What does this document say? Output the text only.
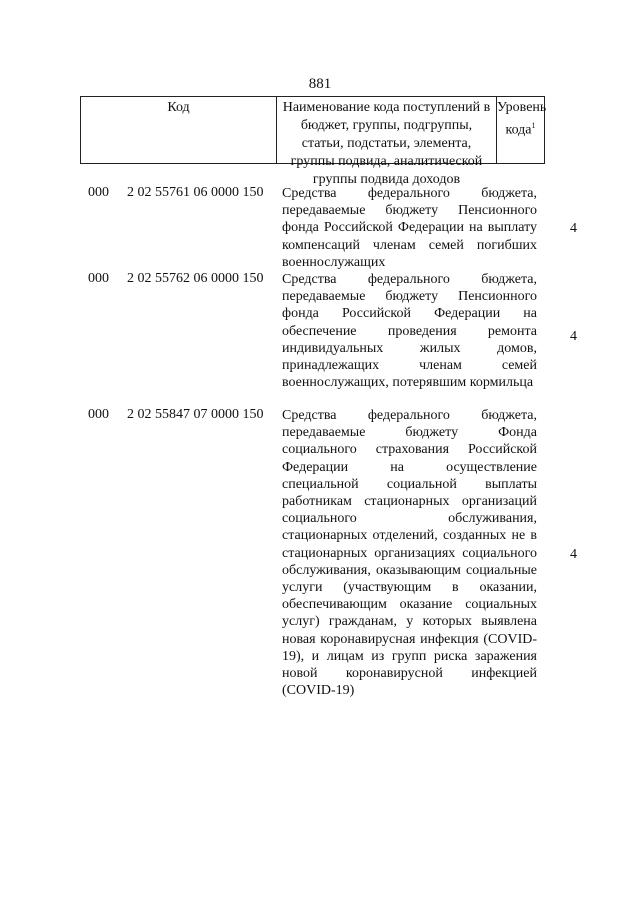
881
Код	Наименование кода поступлений в бюджет, группы, подгруппы, статьи, подстатьи, элемента, группы подвида, аналитической группы подвида доходов
Уровень кода$^1$
000 2 02 55761 06 0000 150 Средства федерального бюджета, передаваемые бюджету Пенсионного фонда Российской Федерации на выплату компенсаций членам семей погибших военнослужащих
4
000 2 02 55762 06 0000 150 Средства федерального бюджета, передаваемые бюджету Пенсионного фонда Российской Федерации на обеспечение проведения ремонта индивидуальных жилых домов, принадлежащих членам семей военнослужащих, потерявшим кормильца
4
000 2 02 55847 07 0000 150 Средства федерального бюджета, передаваемые бюджету Фонда социального страхования Российской Федерации на осуществление специальной социальной выплаты работникам стационарных организаций социального обслуживания, стационарных отделений, созданных не в стационарных организациях социального обслуживания, оказывающим социальные услуги (участвующим в оказании, обеспечивающим оказание социальных услуг) гражданам, у которых выявлена новая коронавирусная инфекция (COVID-19), и лицам из групп риска заражения новой коронавирусной инфекцией (COVID-19)
4
